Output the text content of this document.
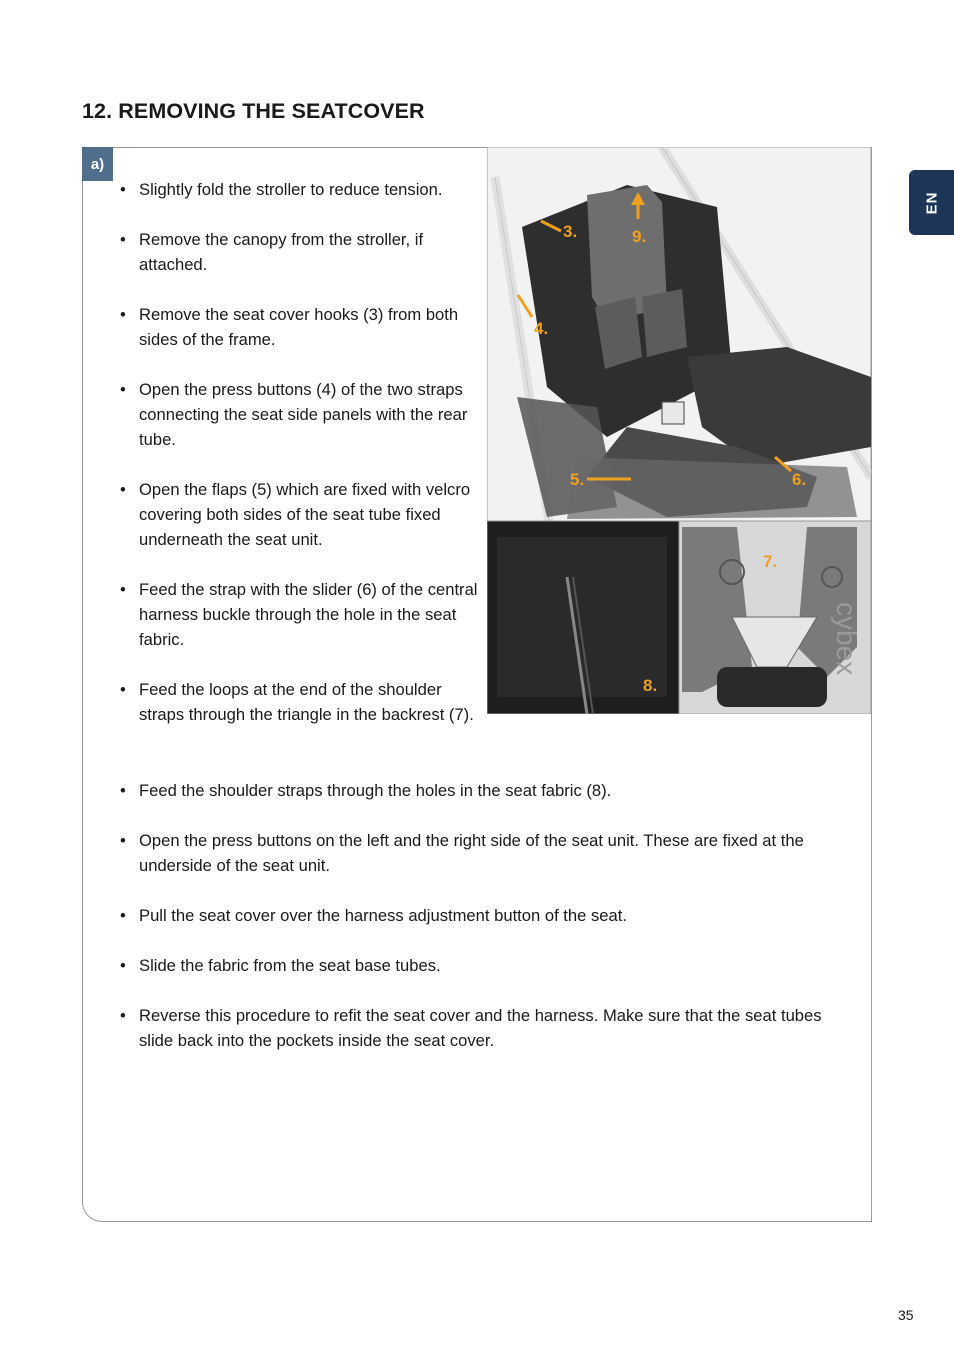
12. REMOVING THE SEATCOVER
EN
a)
• Slightly fold the stroller to reduce tension.
• Remove the canopy from the stroller, if attached.
• Remove the seat cover hooks (3) from both sides of the frame.
• Open the press buttons (4) of the two straps connecting the seat side panels with the rear tube.
• Open the flaps (5) which are fixed with velcro covering both sides of the seat tube fixed underneath the seat unit.
• Feed the strap with the slider (6) of the central harness buckle through the hole in the seat fabric.
• Feed the loops at the end of the shoulder straps through the triangle in the backrest (7).
• Feed the shoulder straps through the holes in the seat fabric (8).
• Open the press buttons on the left and the right side of the seat unit. These are fixed at the underside of the seat unit.
• Pull the seat cover over the harness adjustment button of the seat.
• Slide the fabric from the seat base tubes.
• Reverse this procedure to refit the seat cover and the harness. Make sure that the seat tubes slide back into the pockets inside the seat cover.
3.	9.
4.
5.	6.
7.
8.
cybex
35
